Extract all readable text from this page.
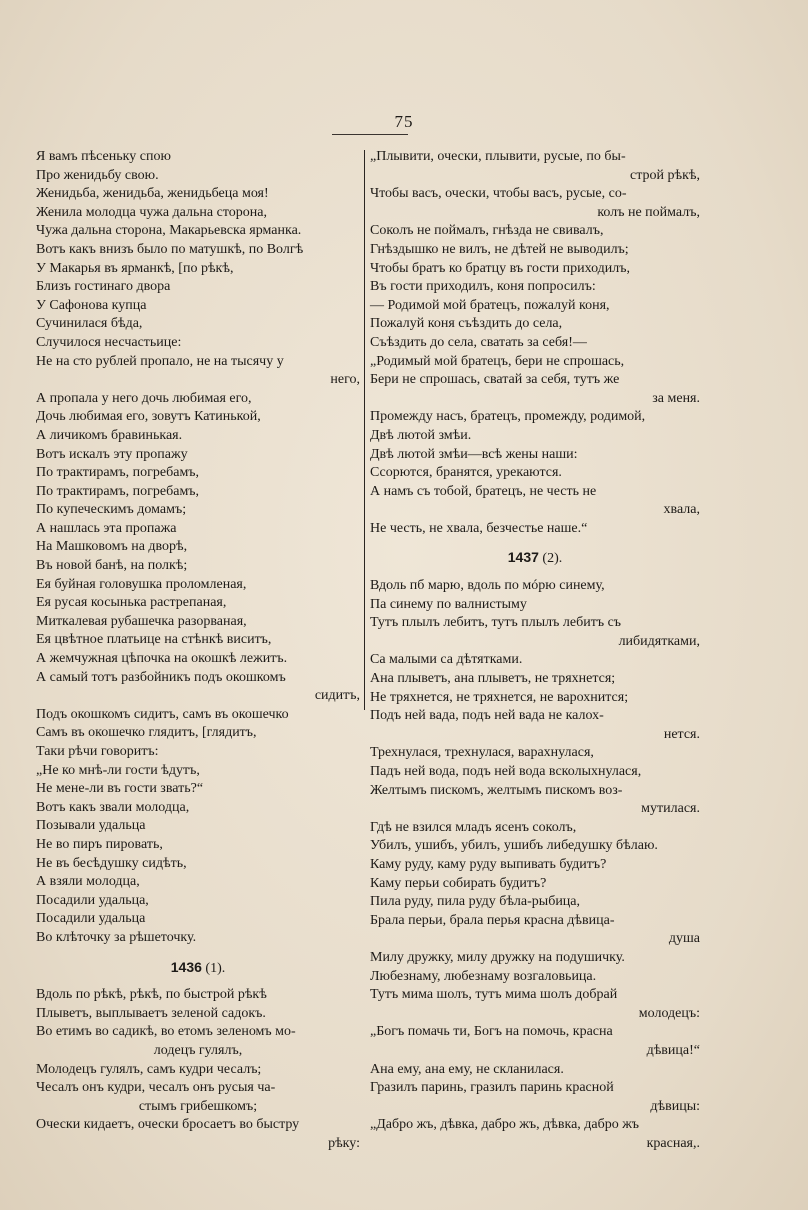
75
Я вамъ пѣсеньку спою
Про женидьбу свою.
Женидьба, женидьба, женидьбеца моя!
Женила молодца чужа дальна сторона,
Чужа дальна сторона, Макарьевска ярманка.
Вотъ какъ внизъ было по матушкѣ, по Волгѣ
У Макарья въ ярманкѣ, [по рѣкѣ,
Близъ гостинаго двора
У Сафонова купца
Сучинилася бѣда,
Случилося несчастьице:
Не на сто рублей пропало, не на тысячу у
него,
А пропала у него дочь любимая его,
Дочь любимая его, зовутъ Катинькой,
А личикомъ бравинькая.
Вотъ искалъ эту пропажу
По трактирамъ, погребамъ,
По трактирамъ, погребамъ,
По купеческимъ домамъ;
А нашлась эта пропажа
На Машковомъ на дворѣ,
Въ новой банѣ, на полкѣ;
Ея буйная головушка проломленая,
Ея русая косынька растрепаная,
Миткалевая рубашечка разорваная,
Ея цвѣтное платьице на стѣнкѣ виситъ,
А жемчужная цѣпочка на окошкѣ лежитъ.
А самый тотъ разбойникъ подъ окошкомъ
сидитъ,
Подъ окошкомъ сидитъ, самъ въ окошечко
Самъ въ окошечко глядитъ, [глядитъ,
Таки рѣчи говоритъ:
„Не ко мнѣ-ли гости ѣдутъ,
Не мене-ли въ гости звать?“
Вотъ какъ звали молодца,
Позывали удальца
Не во пиръ пировать,
Не въ бесѣдушку сидѣть,
А взяли молодца,
Посадили удальца,
Посадили удальца
Во клѣточку за рѣшеточку.
1436 (1).
Вдоль по рѣкѣ, рѣкѣ, по быстрой рѣкѣ
Плыветъ, выплываетъ зеленой садокъ.
Во етимъ во садикѣ, во етомъ зеленомъ мо-
лодецъ гулялъ,
Молодецъ гулялъ, самъ кудри чесалъ;
Чесалъ онъ кудри, чесалъ онъ русыя ча-
стымъ грибешкомъ;
Очески кидаетъ, очески бросаетъ во быстру
рѣку:
„Плывити, очески, плывити, русые, по бы-
строй рѣкѣ,
Чтобы васъ, очески, чтобы васъ, русые, со-
колъ не поймалъ,
Соколъ не поймалъ, гнѣзда не свивалъ,
Гнѣздышко не вилъ, не дѣтей не выводилъ;
Чтобы братъ ко братцу въ гости приходилъ,
Въ гости приходилъ, коня попросилъ:
— Родимой мой братецъ, пожалуй коня,
Пожалуй коня съѣздить до села,
Съѣздить до села, сватать за себя!—
„Родимый мой братецъ, бери не спрошась,
Бери не спрошась, сватай за себя, тутъ же
за меня.
Промежду насъ, братецъ, промежду, родимой,
Двѣ лютой змѣи.
Двѣ лютой змѣи—всѣ жены наши:
Ссорются, бранятся, урекаются.
А намъ съ тобой, братецъ, не честь не
хвала,
Не честь, не хвала, безчестье наше.“
1437 (2).
Вдоль пб марю, вдоль по мóрю синему,
Па синему по валнистыму
Тутъ плылъ лебитъ, тутъ плылъ лебитъ съ
либидятками,
Са малыми са дѣтятками.
Ана плыветъ, ана плыветъ, не тряхнется;
Не тряхнется, не тряхнется, не варохнится;
Подъ ней вада, подъ ней вада не калох-
нется.
Трехнулася, трехнулася, варахнулася,
Падъ ней вода, подъ ней вода всколыхнулася,
Желтымъ пискомъ, желтымъ пискомъ воз-
мутилася.
Гдѣ не взился младъ ясенъ соколъ,
Убилъ, ушибъ, убилъ, ушибъ либедушку бѣлаю.
Каму руду, каму руду выпивать будитъ?
Каму перьи собирать будитъ?
Пила руду, пила руду бѣла-рыбица,
Брала перьи, брала перья красна дѣвица-
душа
Милу дружку, милу дружку на подушичку.
Любезнаму, любезнаму возгаловьица.
Тутъ мима шолъ, тутъ мима шолъ добрай
молодецъ:
„Богъ помачь ти, Богъ на помочь, красна
дѣвица!“
Ана ему, ана ему, не скланилася.
Гразилъ паринь, гразилъ паринь красной
дѣвицы:
„Дабро жъ, дѣвка, дабро жъ, дѣвка, дабро жъ
красная,.
